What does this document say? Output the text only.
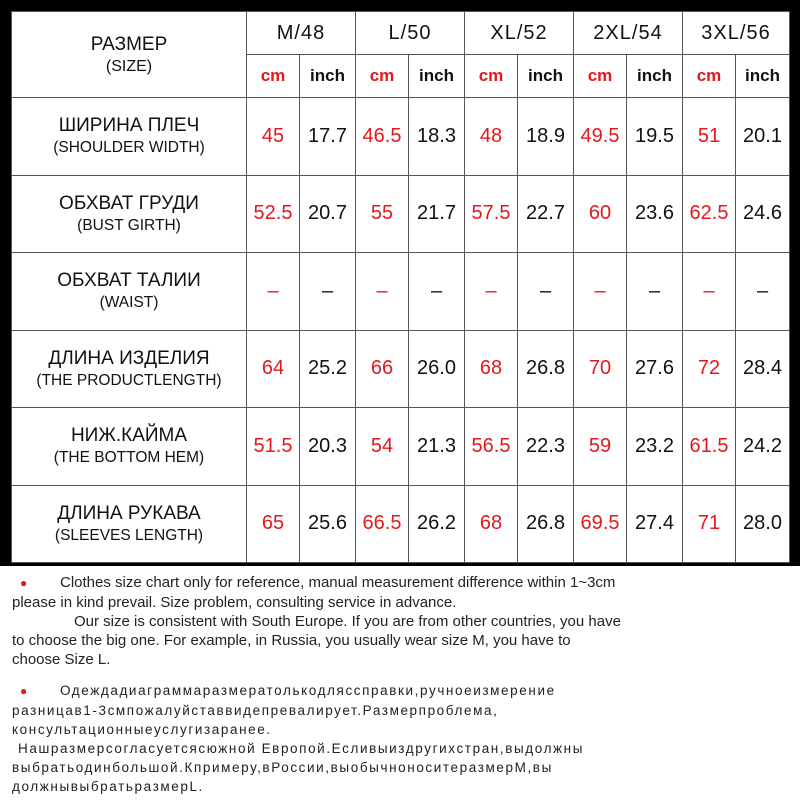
РАЗМЕР
(SIZE)	M/48		L/50		XL/52		2XL/54		3XL/56	
	cm	inch	cm	inch	cm	inch	cm	inch	cm	inch

ШИРИНА ПЛЕЧ
(SHOULDER WIDTH)	45	17.7	46.5	18.3	48	18.9	49.5	19.5	51	20.1

ОБХВАТ ГРУДИ
(BUST GIRTH)	52.5	20.7	55	21.7	57.5	22.7	60	23.6	62.5	24.6

ОБХВАТ ТАЛИИ
(WAIST)	–	–	–	–	–	–	–	–	–	–

ДЛИНА ИЗДЕЛИЯ
(THE PRODUCTLENGTH)	64	25.2	66	26.0	68	26.8	70	27.6	72	28.4

НИЖ.КАЙМА
(THE BOTTOM HEM)	51.5	20.3	54	21.3	56.5	22.3	59	23.2	61.5	24.2

ДЛИНА РУКАВА
(SLEEVES LENGTH)	65	25.6	66.5	26.2	68	26.8	69.5	27.4	71	28.0
● Clothes size chart only for reference, manual measurement difference within 1~3cm
please in kind prevail. Size problem, consulting service in advance.
Our size is consistent with South Europe. If you are from other countries, you have
to choose the big one. For example, in Russia, you usually wear size M, you have to
choose Size L.
● Одеждадиаграммаразмератолькодляссправки,ручноеизмерение
разницав1-3смпожалуйставвидепревалирует.Размерпроблема,
консультационныеуслугизаранее.
Нашразмерсогласуетсясюжной Европой.Есливыиздругихстран,выдолжны
выбратьодинбольшой.Кпримеру,вРоссии,выобычноноситеразмерM,вы
должнывыбратьразмерL.
